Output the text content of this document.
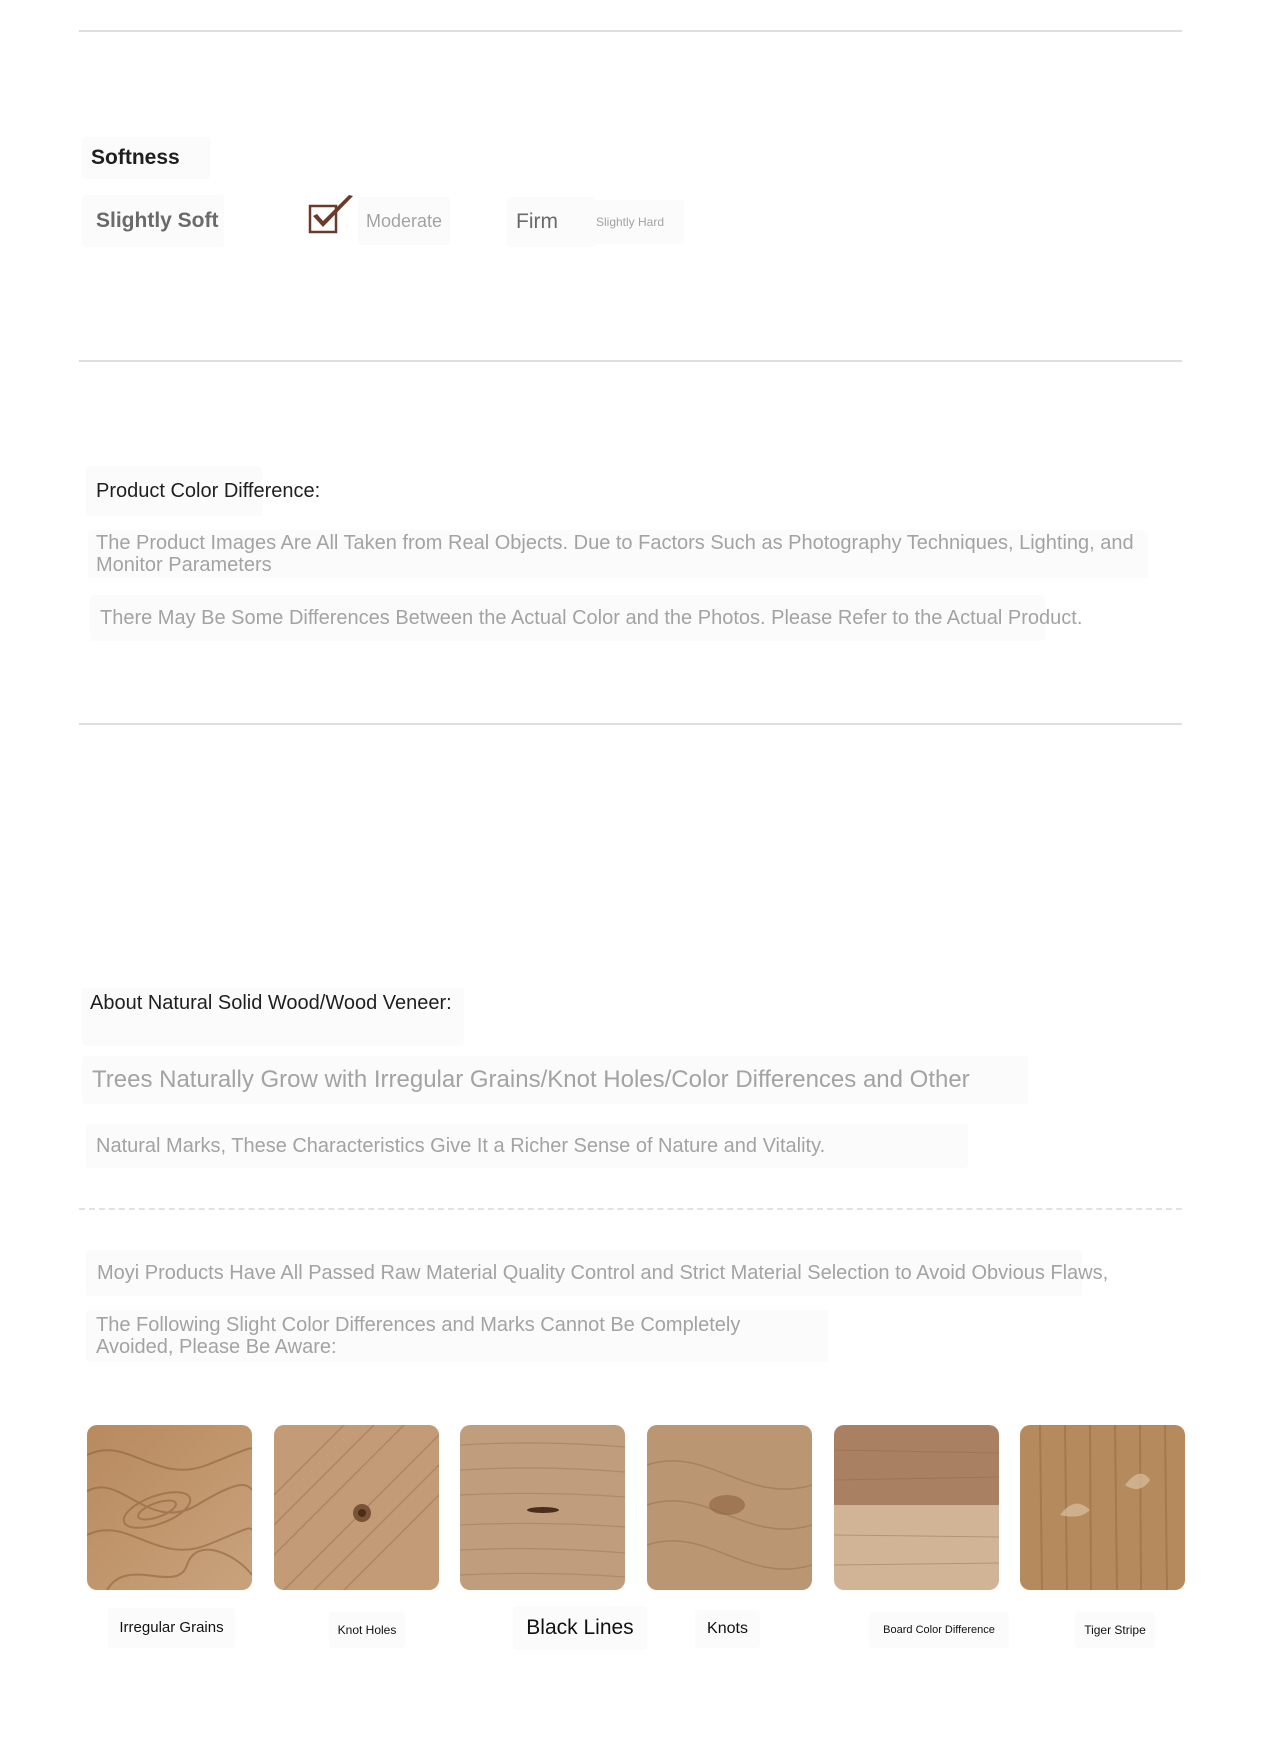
Softness
Slightly Soft	Moderate	Firm	Slightly Hard
Product Color Difference:
The Product Images Are All Taken from Real Objects. Due to Factors Such as Photography Techniques, Lighting, and Monitor Parameters
There May Be Some Differences Between the Actual Color and the Photos. Please Refer to the Actual Product.
About Natural Solid Wood/Wood Veneer:
Trees Naturally Grow with Irregular Grains/Knot Holes/Color Differences and Other
Natural Marks, These Characteristics Give It a Richer Sense of Nature and Vitality.
Moyi Products Have All Passed Raw Material Quality Control and Strict Material Selection to Avoid Obvious Flaws,
The Following Slight Color Differences and Marks Cannot Be Completely Avoided, Please Be Aware:
Irregular Grains	Knot Holes	Black Lines	Knots	Board Color Difference	Tiger Stripe
